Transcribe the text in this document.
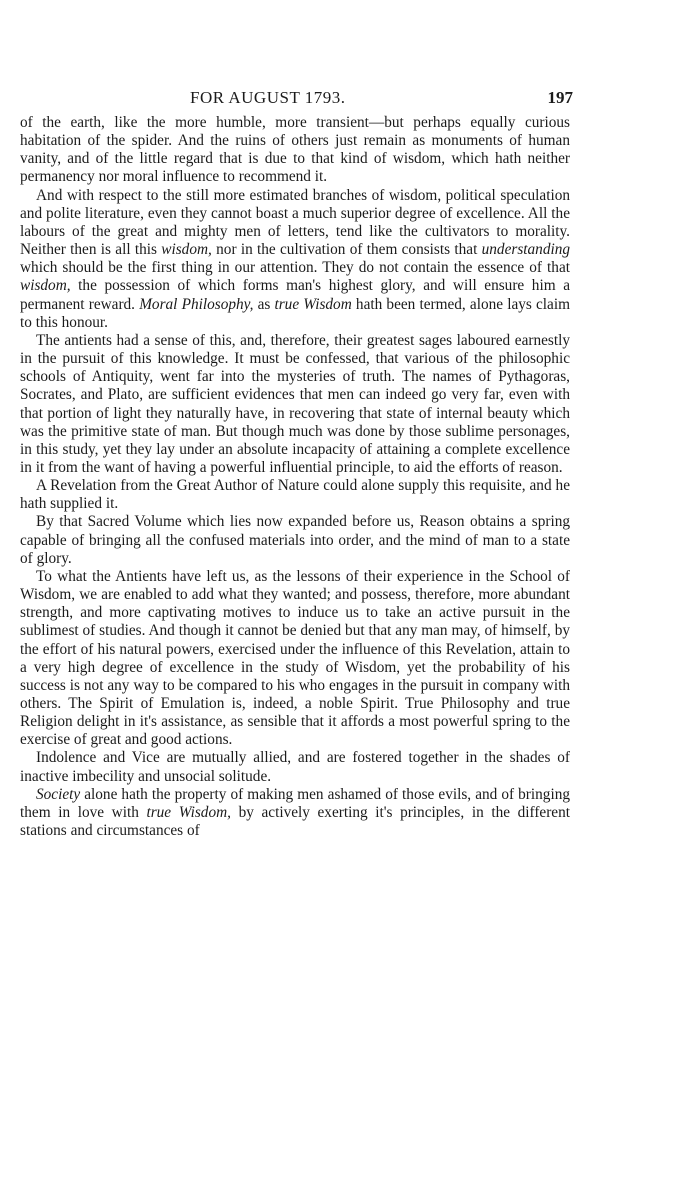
FOR AUGUST 1793.	197

of the earth, like the more humble, more transient—but perhaps equally curious habitation of the spider. And the ruins of others just remain as monuments of human vanity, and of the little regard that is due to that kind of wisdom, which hath neither permanency nor moral influence to recommend it.

And with respect to the still more estimated branches of wisdom, political speculation and polite literature, even they cannot boast a much superior degree of excellence. All the labours of the great and mighty men of letters, tend like the cultivators to morality. Neither then is all this wisdom, nor in the cultivation of them consists that understanding which should be the first thing in our attention. They do not contain the essence of that wisdom, the possession of which forms man's highest glory, and will ensure him a permanent reward. Moral Philosophy, as true Wisdom hath been termed, alone lays claim to this honour.

The antients had a sense of this, and, therefore, their greatest sages laboured earnestly in the pursuit of this knowledge. It must be confessed, that various of the philosophic schools of Antiquity, went far into the mysteries of truth. The names of Pythagoras, Socrates, and Plato, are sufficient evidences that men can indeed go very far, even with that portion of light they naturally have, in recovering that state of internal beauty which was the primitive state of man. But though much was done by those sublime personages, in this study, yet they lay under an absolute incapacity of attaining a complete excellence in it from the want of having a powerful influential principle, to aid the efforts of reason.

A Revelation from the Great Author of Nature could alone supply this requisite, and he hath supplied it.

By that Sacred Volume which lies now expanded before us, Reason obtains a spring capable of bringing all the confused materials into order, and the mind of man to a state of glory.

To what the Antients have left us, as the lessons of their experience in the School of Wisdom, we are enabled to add what they wanted; and possess, therefore, more abundant strength, and more captivating motives to induce us to take an active pursuit in the sublimest of studies. And though it cannot be denied but that any man may, of himself, by the effort of his natural powers, exercised under the influence of this Revelation, attain to a very high degree of excellence in the study of Wisdom, yet the probability of his success is not any way to be compared to his who engages in the pursuit in company with others. The Spirit of Emulation is, indeed, a noble Spirit. True Philosophy and true Religion delight in it's assistance, as sensible that it affords a most powerful spring to the exercise of great and good actions.

Indolence and Vice are mutually allied, and are fostered together in the shades of inactive imbecility and unsocial solitude.

Society alone hath the property of making men ashamed of those evils, and of bringing them in love with true Wisdom, by actively exerting it's principles, in the different stations and circumstances of
